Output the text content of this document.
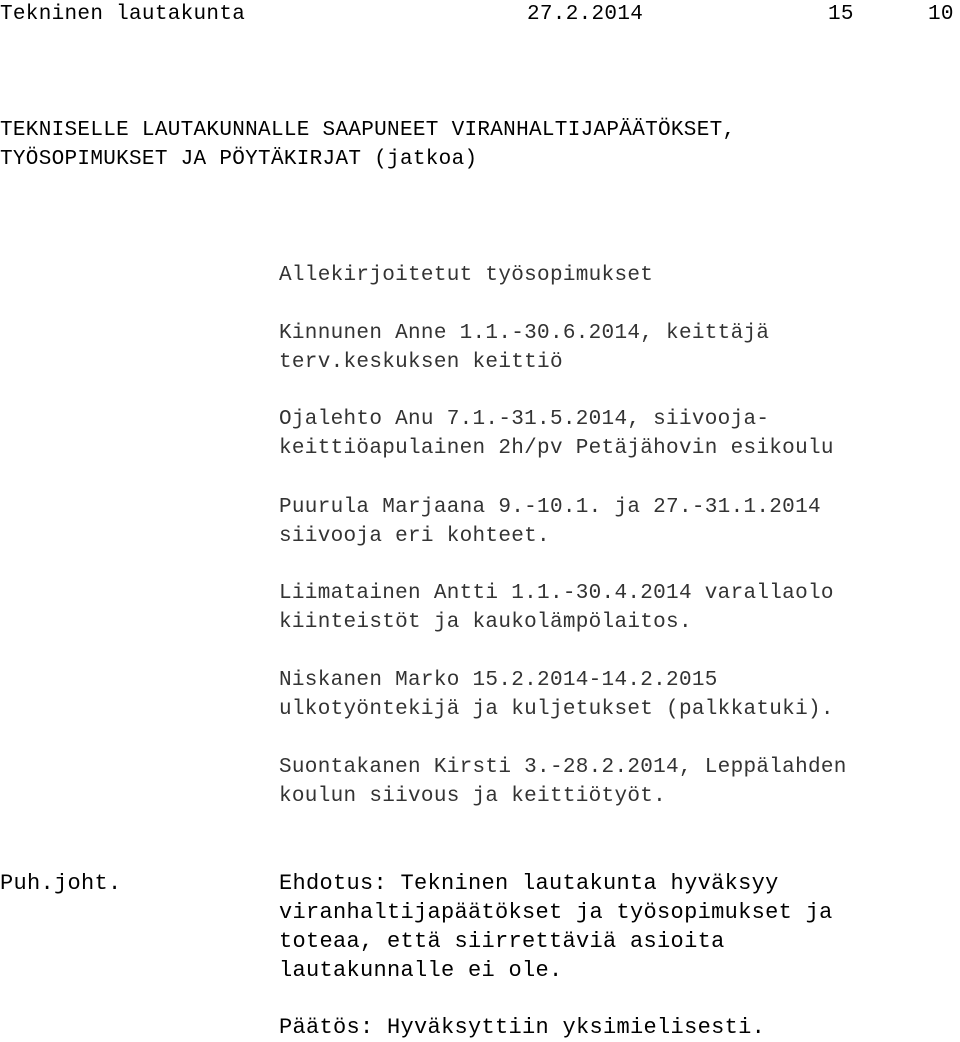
Tekninen lautakunta	27.2.2014	15	10

TEKNISELLE LAUTAKUNNALLE SAAPUNEET VIRANHALTIJAPÄÄTÖKSET,

TYÖSOPIMUKSET JA PÖYTÄKIRJAT (jatkoa)

Allekirjoitetut työsopimukset

Kinnunen Anne 1.1.-30.6.2014, keittäjä

terv.keskuksen keittiö

Ojalehto Anu 7.1.-31.5.2014, siivooja-

keittiöapulainen 2h/pv Petäjähovin esikoulu

Puurula Marjaana 9.-10.1. ja 27.-31.1.2014

siivooja eri kohteet.

Liimatainen Antti 1.1.-30.4.2014 varallaolo

kiinteistöt ja kaukolämpölaitos.

Niskanen Marko 15.2.2014-14.2.2015

ulkotyöntekijä ja kuljetukset (palkkatuki).

Suontakanen Kirsti 3.-28.2.2014, Leppälahden

koulun siivous ja keittiötyöt.

Puh.joht.	Ehdotus: Tekninen lautakunta hyväksyy

viranhaltijapäätökset ja työsopimukset ja

toteaa, että siirrettäviä asioita

lautakunnalle ei ole.

Päätös: Hyväksyttiin yksimielisesti.
